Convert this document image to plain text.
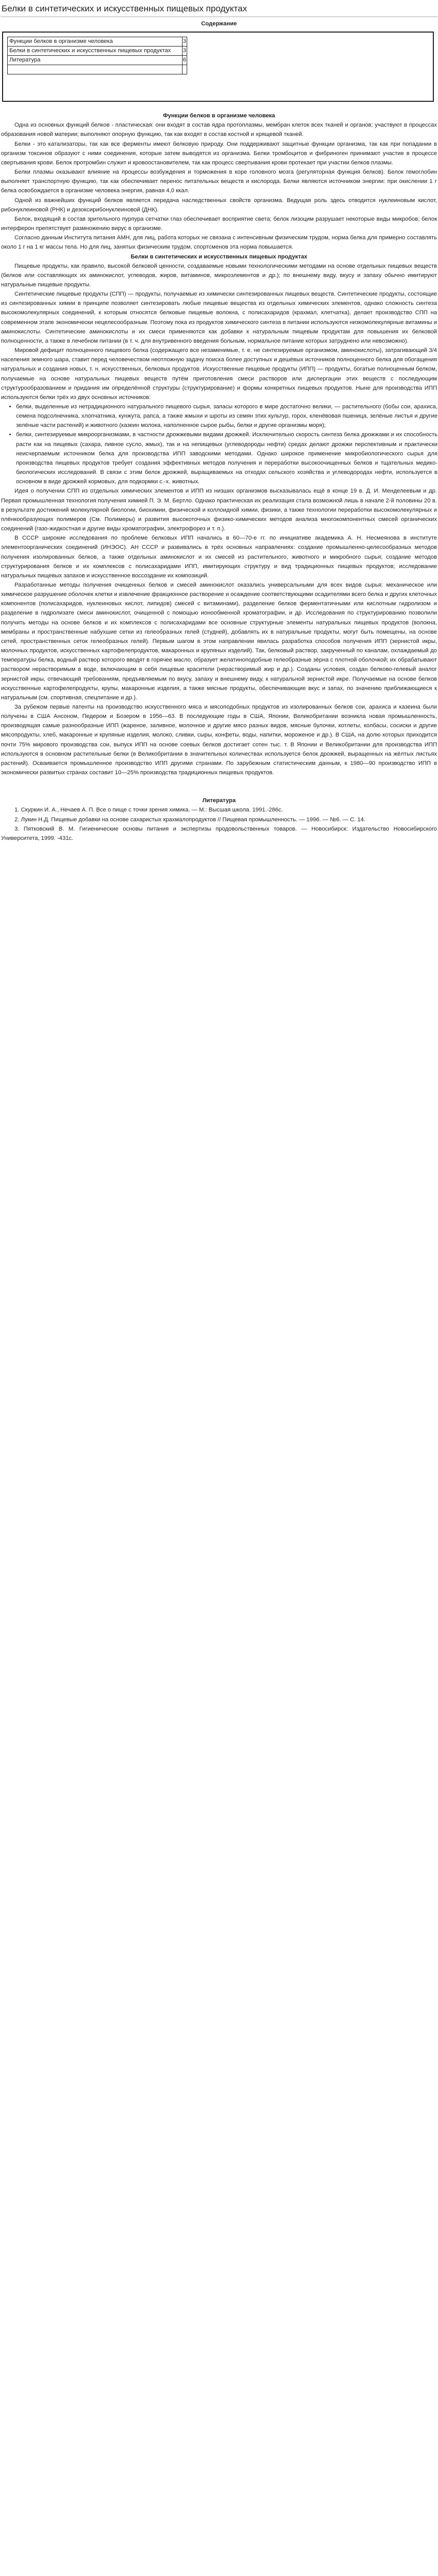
Белки в синтетических и искусственных пищевых продуктах
Содержание
Функции белков в организме человека	3
Белки в синтетических и искусственных пищевых продуктах	3
Литература	6

Функции белков в организме человека

Одна из основных функций белков - пластическая: они входят в состав ядра протоплазмы, мембран клеток всех тканей и органов; участвуют в процессах образования новой материи; выполняют опорную функцию, так как входят в состав костной и хрящевой тканей.

Белки - это катализаторы, так как все ферменты имеют белковую природу. Они поддерживают защитные функции организма, так как при попадании в организм токсинов образуют с ними соединения, которые затем выводятся из организма. Белки тромбоцитов и фибриноген принимают участие в процессе свертывания крови. Белок протромбин служит и кровоостановителем, так как процесс свертывания крови протекает при участии белков плазмы.

Белки плазмы оказывают влияние на процессы возбуждения и торможения в коре головного мозга (регуляторная функция белков). Белок гемоглобин выполняет транспортную функцию, так как обеспечивает перенос питательных веществ и кислорода. Белки являются источником энергии: при окислении 1 г белка освобождается в организме человека энергия, равная 4,0 ккал.

Одной из важнейших функций белков является передача наследственных свойств организма. Ведущая роль здесь отводится нуклеиновым кислот, рибонуклеиновой (РНК) и дезоксирибонуклеиновой (ДНК).

Белок, входящий в состав зрительного пурпура сетчатки глаз обеспечивает восприятие света; белок лизоцим разрушает некоторые виды микробов; белок интерферон препятствует размножению вирус в организме.

Согласно данным Института питания АМН, для лиц, работа которых не связана с интенсивным физическим трудом, норма белка для примерно составлять около 1 г на 1 кг массы тела. Но для лиц, занятых физическим трудом, спортсменов эта норма повышается.

Белки в синтетических и искусственных пищевых продуктах

Пищевые продукты, как правило, высокой белковой ценности, создаваемые новыми технологическими методами на основе отдельных пищевых веществ (белков или составляющих их аминокислот, углеводов, жиров, витаминов, микроэлементов и др.); по внешнему виду, вкусу и запаху обычно имитируют натуральные пищевые продукты.

Синтетические пищевые продукты (СПП) — продукты, получаемые из химически синтезированных пищевых веществ. Синтетические продукты, состоящие из синтезированных химии в принципе позволяет синтезировать любые пищевые вещества из отдельных химических элементов, однако сложность синтеза высокомолекулярных соединений, к которым относятся белковые пищевые волокна, с полисахаридов (крахмал, клетчатка), делает производство СПП на современном этапе экономически нецелесообразным. Поэтому пока из продуктов химического синтеза в питании используются низкомолекулярные витамины и аминокислоты. Синтетические аминокислоты и их смеси применяются как добавки к натуральным пищевым продуктам для повышения их белковой полноценности, а также в лечебном питании (в т. ч. для внутривенного введения больным, нормальное питание которых затруднено или невозможно).

Мировой дефицит полноценного пищевого белка (содержащего все незаменимые, т. е. не синтезируемые организмом, аминокислоты), затрагивающий 3/4 населения земного шара, ставит перед человечеством неотложную задачу поиска более доступных и дешёвых источников полноценного белка для обогащения натуральных и создания новых, т. н. искусственных, белковых продуктов. Искусственные пищевые продукты (ИПП) — продукты, богатые полноценным белком, получаемые на основе натуральных пищевых веществ путём приготовления смеси растворов или диспергации этих веществ с последующим структурообразованием и придания им определённой структуры (структурирование) и формы конкретных пищевых продуктов. Ныне для производства ИПП используются белки трёх из двух основных источников:

• белки, выделенные из нетрадиционного натурального пищевого сырья, запасы которого в мире достаточно велики, — растительного (бобы сои, арахиса, семена подсолнечника, хлопчатника, кунжута, рапса, а также жмыхи и шроты из семян этих культур, горох, кленёвовая пшеница, зелёные листья и другие зелёные части растений) и животного (казеин молока, наполненное сырое рыбы, белки и другие организмы моря);
• белки, синтезируемые микроорганизмами, в частности дрожжевыми видами дрожжей. Исключительно скорость синтеза белка дрожжами и их способность расти как на пищевых (сахара, пивное сусло, жмых), так и на непищевых (углеводороды нефти) средах делают дрожжи перспективным и практически неисчерпаемым источником белка для производства ИПП заводскими методами. Однако широкое применение микробиологического сырья для производства пищевых продуктов требует создания эффективных методов получения и переработки высокоочищенных белков и тщательных медико-биологических исследований. В связи с этим белок дрожжей, выращиваемых на отходах сельского хозяйства и углеводородах нефти, используется в основном в виде дрожжей кормовых, для подкормки с.-х. животных.

Идея о получении СПП из отдельных химических элементов и ИПП из низших организмов высказывалась ещё в конце 19 в. Д. И. Менделеевым и др. Первая промышленная технология получения химией П. Э. М. Бертло. Однако практическая их реализация стала возможной лишь в начале 2-й половины 20 в. в результате достижений молекулярной биологии, биохимии, физической и коллоидной химии, физики, а также технологии переработки высокомолекулярных и плёнкообразующих полимеров (См. Полимеры) и развития высокоточных физико-химических методов анализа многокомпонентных смесей органических соединений (газо-жидкостная и другие виды хроматографии, электрофорез и т. п.).

В СССР широкие исследования по проблеме белковых ИПП начались в 60—70-е гг. по инициативе академика А. Н. Несмеянова в институте элементоорганических соединений (ИНЭОС). АН СССР и развивались в трёх основных направлениях: создание промышленно-целесообразных методов получения изолированных белков, а также отдельных аминокислот и их смесей из растительного, животного и микробного сырья; создание методов структурирования белков и их комплексов с полисахаридами ИПП, имитирующих структуру и вид традиционных пищевых продуктов; исследование натуральных пищевых запахов и искусственное воссоздание их композиций.

Разработанные методы получения очищенных белков и смесей аминокислот оказались универсальными для всех видов сырья: механическое или химическое разрушение оболочек клетки и извлечение фракционное растворение и осаждение соответствующими осадителями всего белка и других клеточных компонентов (полисахаридов, нуклеиновых кислот, липидов) смесей с витаминами), разделение белков ферментатичными или кислотным гидролизом и разделение в гидролизате смеси аминокислот, очищенной с помощью ионообменной хроматографии, и др. Исследования по структурированию позволили получить методы на основе белков и их комплексов с полисахаридами все основные структурные элементы натуральных пищевых продуктов (волокна, мембраны и пространственные набухшие сетки из гелеобразных гелей (студней), добавлять их в натуральные продукты, могут быть помещены, на основе сетей, пространственных сеток гелеобразных гелей). Первым шагом в этом направлении явилась разработка способов получения ИПП (зернистой икры, молочных продуктов, искусственных картофелепродуктов, макаронных и крупяных изделий). Так, белковый раствор, закрученный по каналам, охлаждаемый до температуры белка, водный раствор которого вводят в горячее масло, образует желатиноподобные гелеобразные зёрна с плотной оболочкой; их обрабатывают раствором нерастворимым в воде, включающим в себя пищевые красители (нерастворимый жир и др.). Созданы условия, создан белково-гелевый аналог зернистой икры, отвечающий требованиям, предъявляемым по вкусу, запаху и внешнему виду, к натуральной зернистой икре. Получаемые на основе белков искусственные картофелепродукты, крупы, макаронные изделия, а также мясные продукты, обеспечивающие вкус и запах, по значению приближающиеся к натуральным (см. спортивная, спецпитание и др.).

За рубежом первые патенты на производство искусственного мяса и мясоподобных продуктов из изолированных белков сои, арахиса и казеина были получены в США Ансоном, Педером и Бозером в 1956—63. В последующие годы в США, Японии, Великобритании возникла новая промышленность, производящая самые разнообразные ИПП (жареное, заливное, молочное и другие мясо разных видов, мясные булочки, котлеты, колбасы, сосиски и другие мясопродукты, хлеб, макаронные и крупяные изделия, молоко, сливки, сыры, конфеты, воды, напитки, мороженое и др.). В США, на долю которых приходится почти 75% мирового производства сои, выпуск ИПП на основе соевых белков достигает сотен тыс. т. В Японии и Великобритании для производства ИПП используются в основном растительные белки (в Великобритании в значительных количествах используется белок дрожжей, выращенных на жёлтых листьях растений). Осваивается промышленное производство ИПП другими странами. По зарубежным статистическим данным, к 1980—90 производство ИПП в экономически развитых странах составит 10—25% производства традиционных пищевых продуктов.

Литература

1. Скуркин И. А., Нечаев А. П. Все о пище с точки зрения химика. — М.: Высшая школа. 1991.-286с.

2. Лукин Н.Д. Пищевые добавки на основе сахаристых крахмалопродуктов // Пищевая промышленность. — 1996. — №6. — С. 14.

3. Пятковский В. М. Гигиенические основы питания и экспертизы продовольственных товаров. — Новосибирск: Издательство Новосибирского Университета, 1999. -431с.
